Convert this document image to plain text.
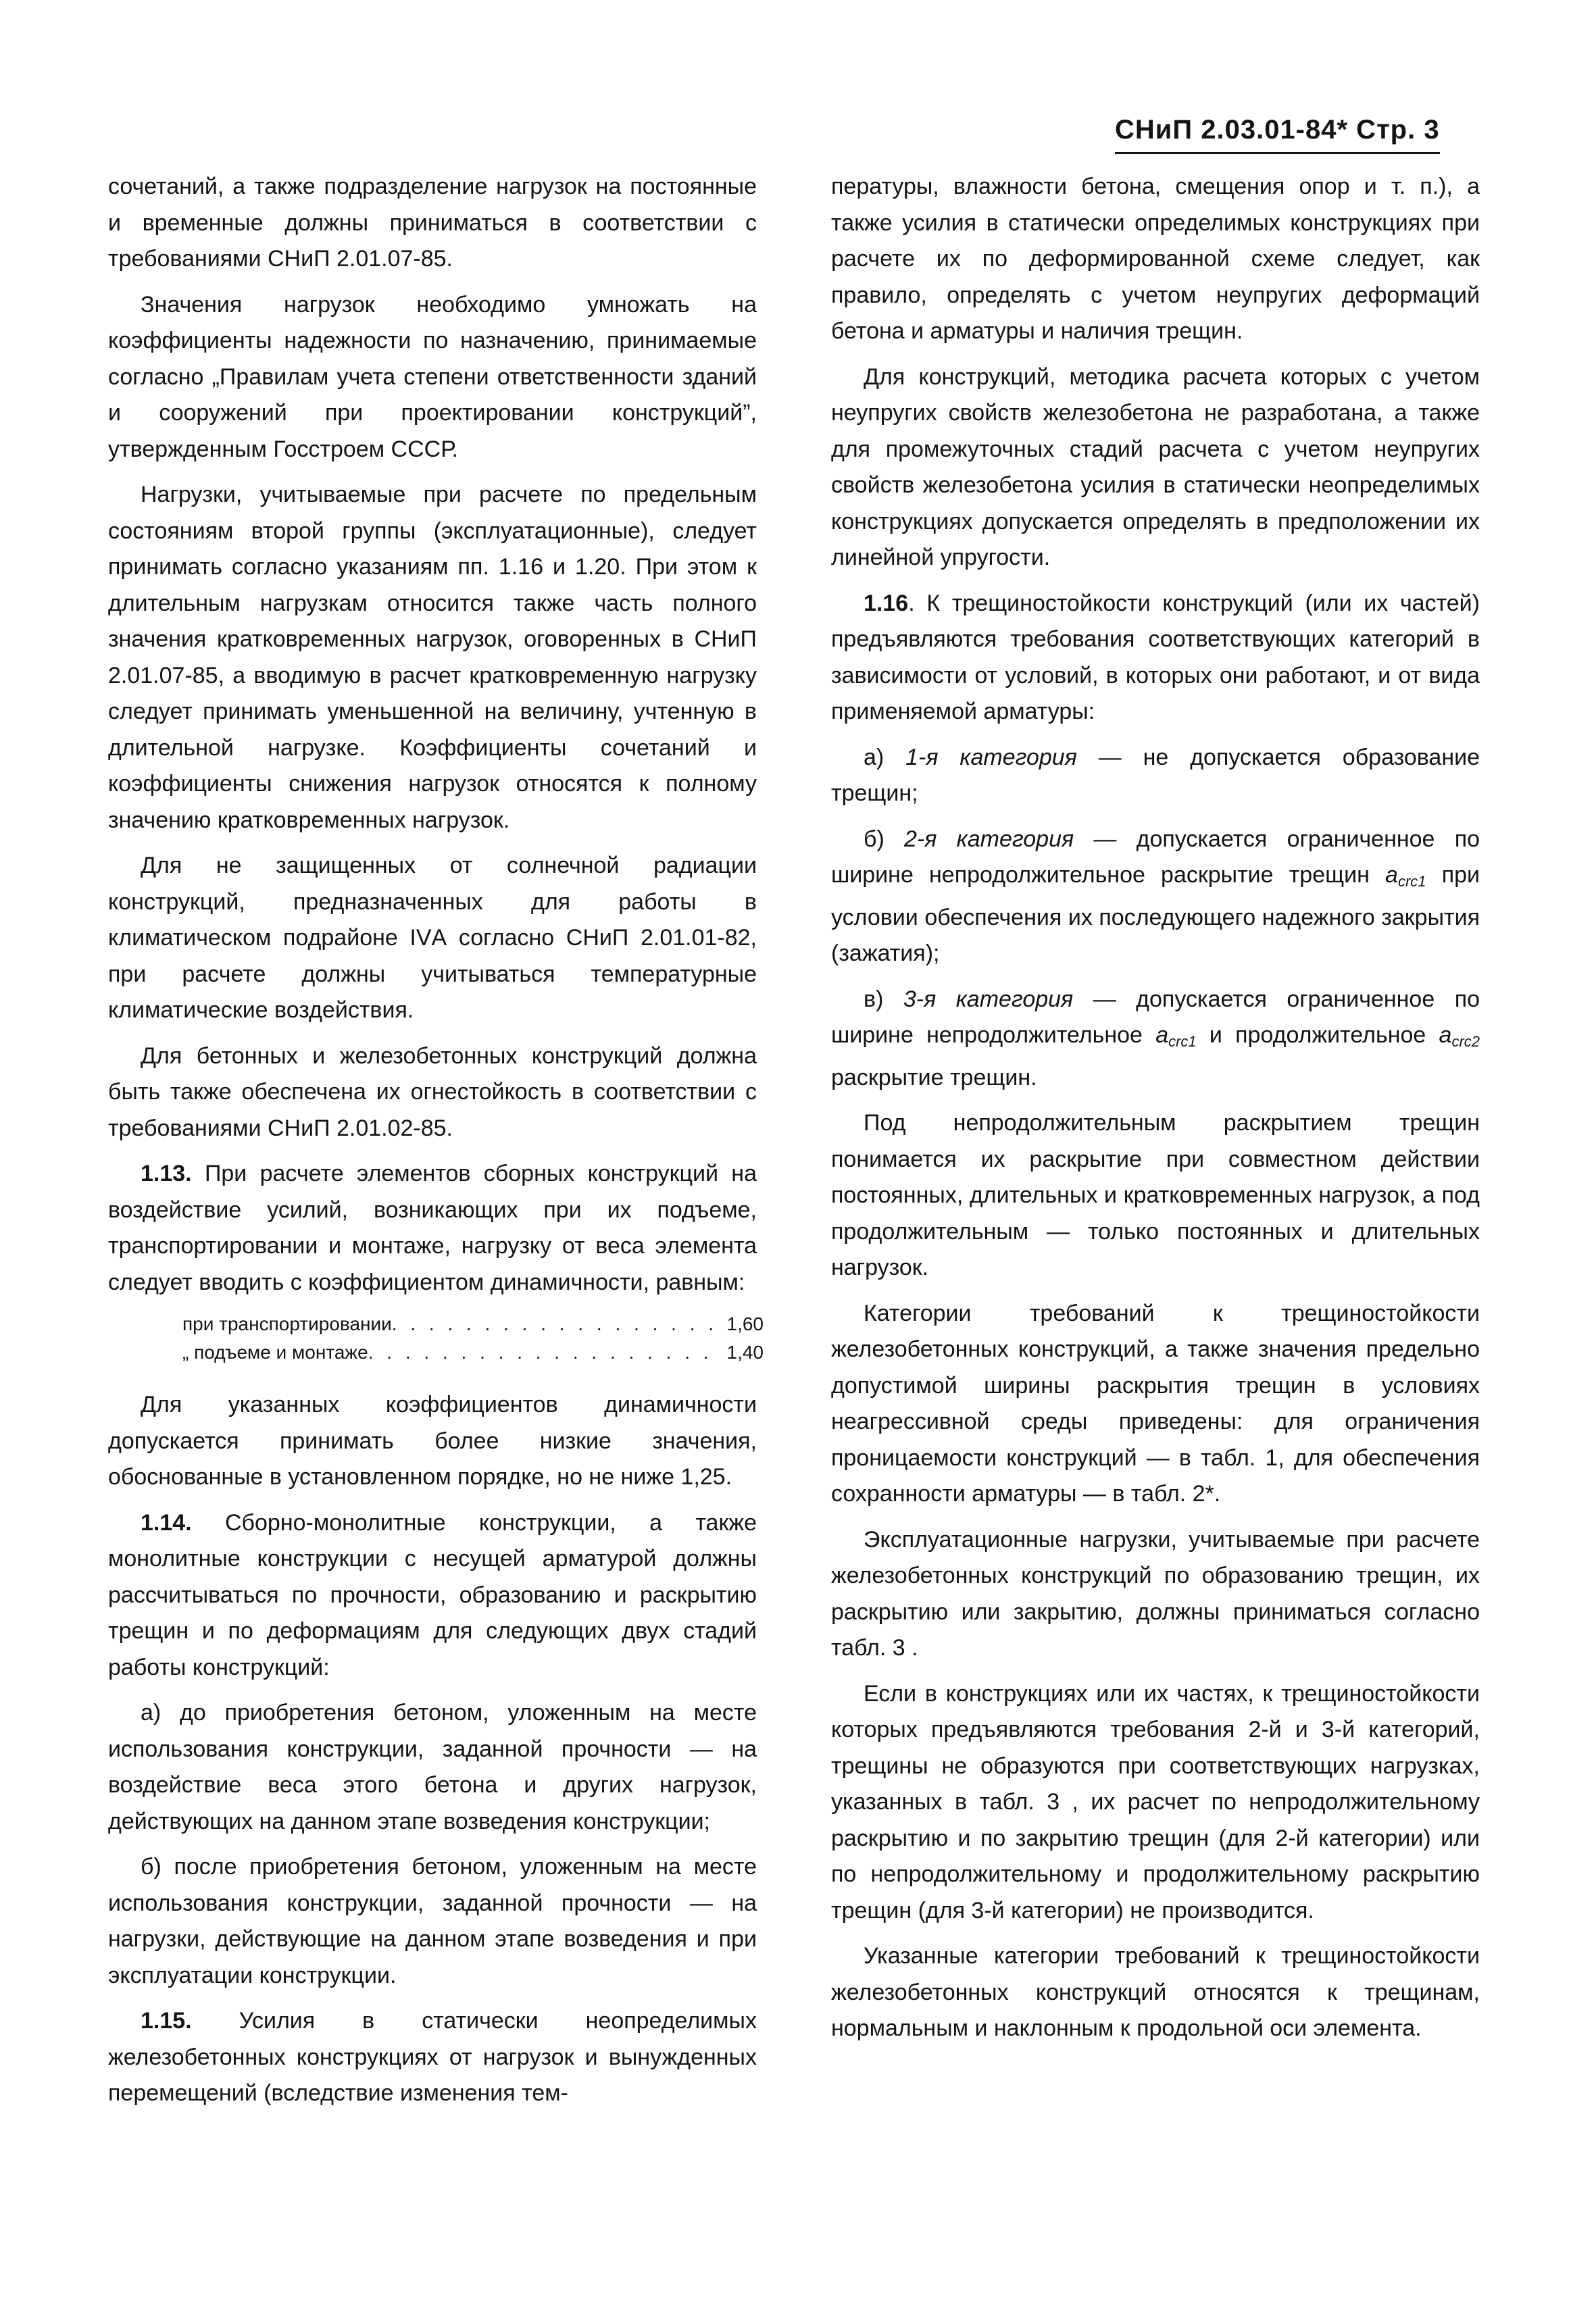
СНиП 2.03.01-84* Стр. 3

сочетаний, а также подразделение нагрузок на постоянные и временные должны приниматься в соответствии с требованиями СНиП 2.01.07-85.

Значения нагрузок необходимо умножать на коэффициенты надежности по назначению, принимаемые согласно „Правилам учета степени ответственности зданий и сооружений при проектировании конструкций”, утвержденным Госстроем СССР.

Нагрузки, учитываемые при расчете по предельным состояниям второй группы (эксплуатационные), следует принимать согласно указаниям пп. 1.16 и 1.20. При этом к длительным нагрузкам относится также часть полного значения кратковременных нагрузок, оговоренных в СНиП 2.01.07-85, а вводимую в расчет кратковременную нагрузку следует принимать уменьшенной на величину, учтенную в длительной нагрузке. Коэффициенты сочетаний и коэффициенты снижения нагрузок относятся к полному значению кратковременных нагрузок.

Для не защищенных от солнечной радиации конструкций, предназначенных для работы в климатическом подрайоне IVА согласно СНиП 2.01.01-82, при расчете должны учитываться температурные климатические воздействия.

Для бетонных и железобетонных конструкций должна быть также обеспечена их огнестойкость в соответствии с требованиями СНиП 2.01.02-85.

1.13. При расчете элементов сборных конструкций на воздействие усилий, возникающих при их подъеме, транспортировании и монтаже, нагрузку от веса элемента следует вводить с коэффициентом динамичности, равным:

при транспортировании . . .	1,60
„ подъеме и монтаже . . .	1,40

Для указанных коэффициентов динамичности допускается принимать более низкие значения, обоснованные в установленном порядке, но не ниже 1,25.

1.14. Сборно-монолитные конструкции, а также монолитные конструкции с несущей арматурой должны рассчитываться по прочности, образованию и раскрытию трещин и по деформациям для следующих двух стадий работы конструкций:

а) до приобретения бетоном, уложенным на месте использования конструкции, заданной прочности — на воздействие веса этого бетона и других нагрузок, действующих на данном этапе возведения конструкции;

б) после приобретения бетоном, уложенным на месте использования конструкции, заданной прочности — на нагрузки, действующие на данном этапе возведения и при эксплуатации конструкции.

1.15. Усилия в статически неопределимых железобетонных конструкциях от нагрузок и вынужденных перемещений (вследствие изменения тем-

пературы, влажности бетона, смещения опор и т. п.), а также усилия в статически определимых конструкциях при расчете их по деформированной схеме следует, как правило, определять с учетом неупругих деформаций бетона и арматуры и наличия трещин.

Для конструкций, методика расчета которых с учетом неупругих свойств железобетона не разработана, а также для промежуточных стадий расчета с учетом неупругих свойств железобетона усилия в статически неопределимых конструкциях допускается определять в предположении их линейной упругости.

1.16. К трещиностойкости конструкций (или их частей) предъявляются требования соответствующих категорий в зависимости от условий, в которых они работают, и от вида применяемой арматуры:

а) 1-я категория — не допускается образование трещин;

б) 2-я категория — допускается ограниченное по ширине непродолжительное раскрытие трещин $a_{crc1}$ при условии обеспечения их последующего надежного закрытия (зажатия);

в) 3-я категория — допускается ограниченное по ширине непродолжительное $a_{crc1}$ и продолжительное $a_{crc2}$ раскрытие трещин.

Под непродолжительным раскрытием трещин понимается их раскрытие при совместном действии постоянных, длительных и кратковременных нагрузок, а под продолжительным — только постоянных и длительных нагрузок.

Категории требований к трещиностойкости железобетонных конструкций, а также значения предельно допустимой ширины раскрытия трещин в условиях неагрессивной среды приведены: для ограничения проницаемости конструкций — в табл. 1, для обеспечения сохранности арматуры — в табл. 2*.

Эксплуатационные нагрузки, учитываемые при расчете железобетонных конструкций по образованию трещин, их раскрытию или закрытию, должны приниматься согласно табл. 3 .

Если в конструкциях или их частях, к трещиностойкости которых предъявляются требования 2-й и 3-й категорий, трещины не образуются при соответствующих нагрузках, указанных в табл. 3 , их расчет по непродолжительному раскрытию и по закрытию трещин (для 2-й категории) или по непродолжительному и продолжительному раскрытию трещин (для 3-й категории) не производится.

Указанные категории требований к трещиностойкости железобетонных конструкций относятся к трещинам, нормальным и наклонным к продольной оси элемента.
